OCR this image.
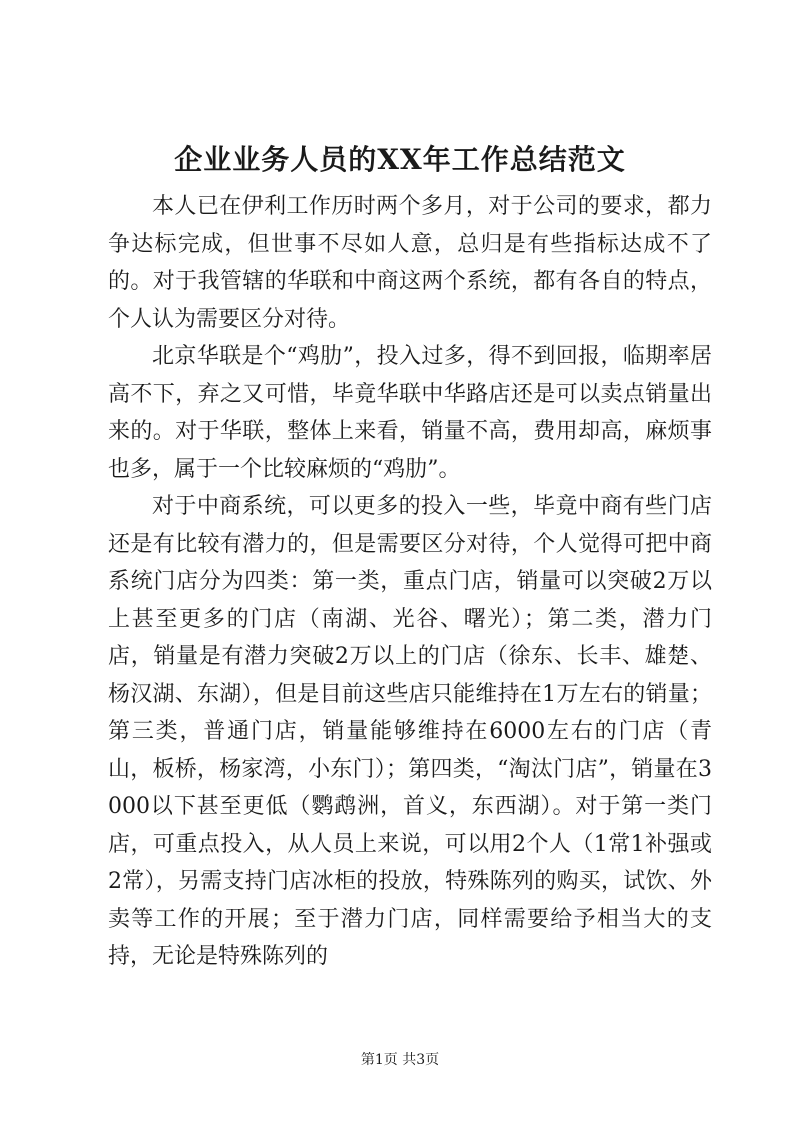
企业业务人员的XX年工作总结范文

本人已在伊利工作历时两个多月，对于公司的要求，都力争达标完成，但世事不尽如人意，总归是有些指标达成不了的。对于我管辖的华联和中商这两个系统，都有各自的特点，个人认为需要区分对待。

北京华联是个“鸡肋”，投入过多，得不到回报，临期率居高不下，弃之又可惜，毕竟华联中华路店还是可以卖点销量出来的。对于华联，整体上来看，销量不高，费用却高，麻烦事也多，属于一个比较麻烦的“鸡肋”。

对于中商系统，可以更多的投入一些，毕竟中商有些门店还是有比较有潜力的，但是需要区分对待，个人觉得可把中商系统门店分为四类：第一类，重点门店，销量可以突破2万以上甚至更多的门店（南湖、光谷、曙光）；第二类，潜力门店，销量是有潜力突破2万以上的门店（徐东、长丰、雄楚、杨汉湖、东湖），但是目前这些店只能维持在1万左右的销量；第三类，普通门店，销量能够维持在6000左右的门店（青山，板桥，杨家湾，小东门）；第四类，“淘汰门店”，销量在3000以下甚至更低（鹦鹉洲，首义，东西湖）。对于第一类门店，可重点投入，从人员上来说，可以用2个人（1常1补强或2常），另需支持门店冰柜的投放，特殊陈列的购买，试饮、外卖等工作的开展；至于潜力门店，同样需要给予相当大的支持，无论是特殊陈列的

第1页 共3页
